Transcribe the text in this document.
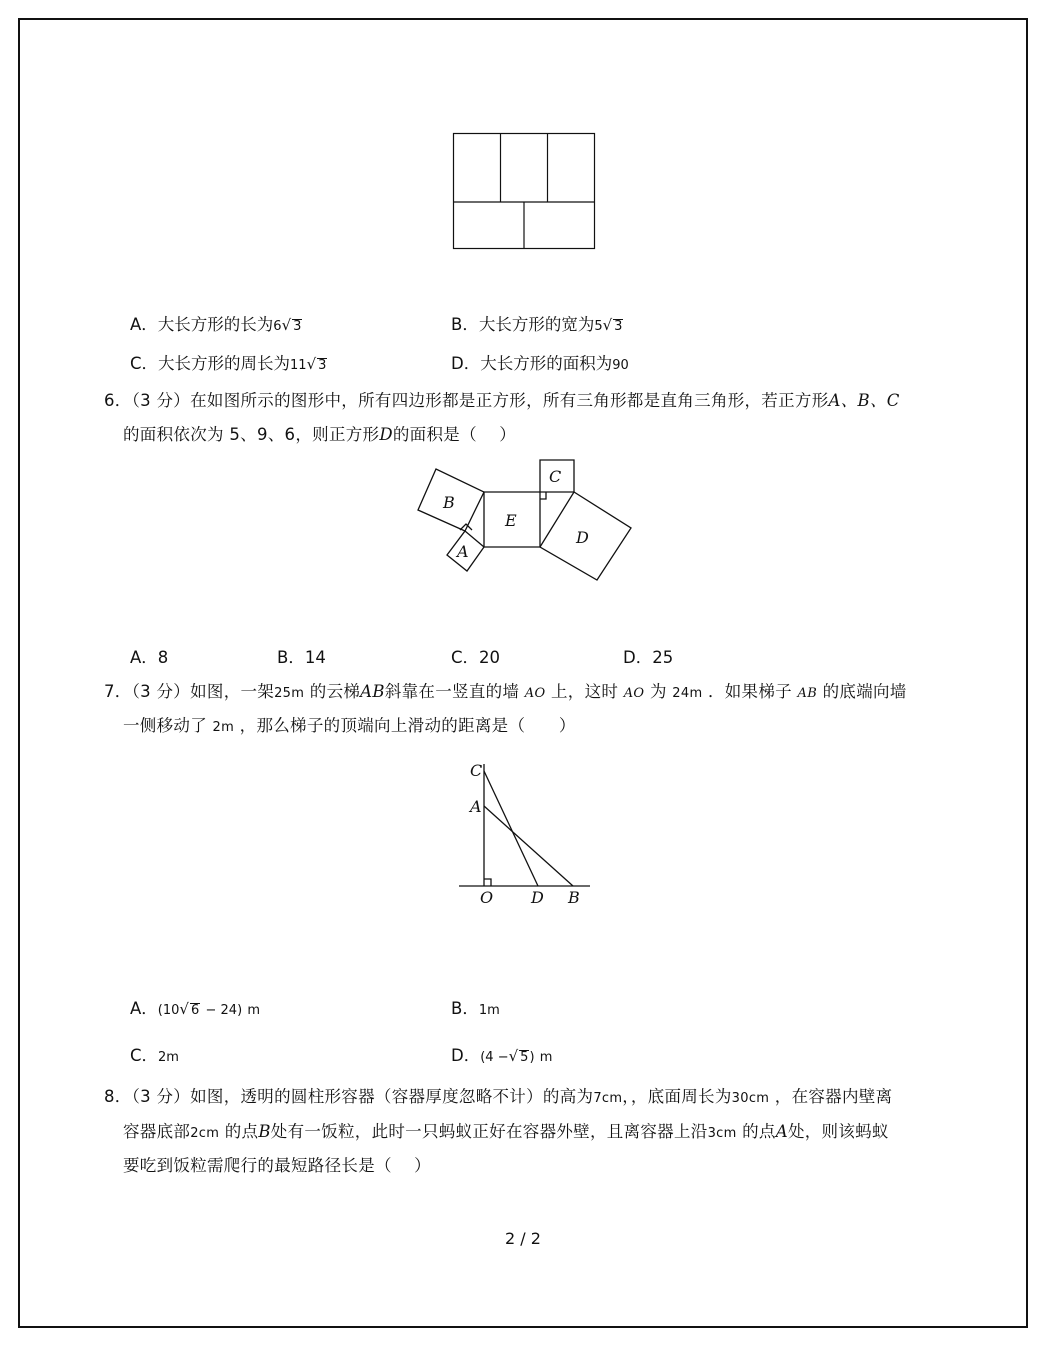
A．大长方形的长为6√ 3	B．大长方形的宽为5√ 3
C．大长方形的周长为11√ 3	D．大长方形的面积为90
6．（3 分）在如图所示的图形中，所有四边形都是正方形，所有三角形都是直角三角形，若正方形A、B、C
的面积依次为 5、9、6，则正方形D的面积是（　 ）
B
A
E
C
D
A．8	B．14	C．20	D．25
7．（3 分）如图，一架25m 的云梯AB斜靠在一竖直的墙 AO 上，这时 AO 为 24m ．如果梯子 AB 的底端向墙
一侧移动了 2m ，那么梯子的顶端向上滑动的距离是（　　）
C
A
O D B
A．(10√ 6 − 24) m	B．1m
C．2m	D．(4 −√ 5) m
8．（3 分）如图，透明的圆柱形容器（容器厚度忽略不计）的高为7cm，，底面周长为30cm ，在容器内壁离
容器底部2cm 的点B处有一饭粒，此时一只蚂蚁正好在容器外壁，且离容器上沿3cm 的点A处，则该蚂蚁
要吃到饭粒需爬行的最短路径长是（　 ）
2 / 2
